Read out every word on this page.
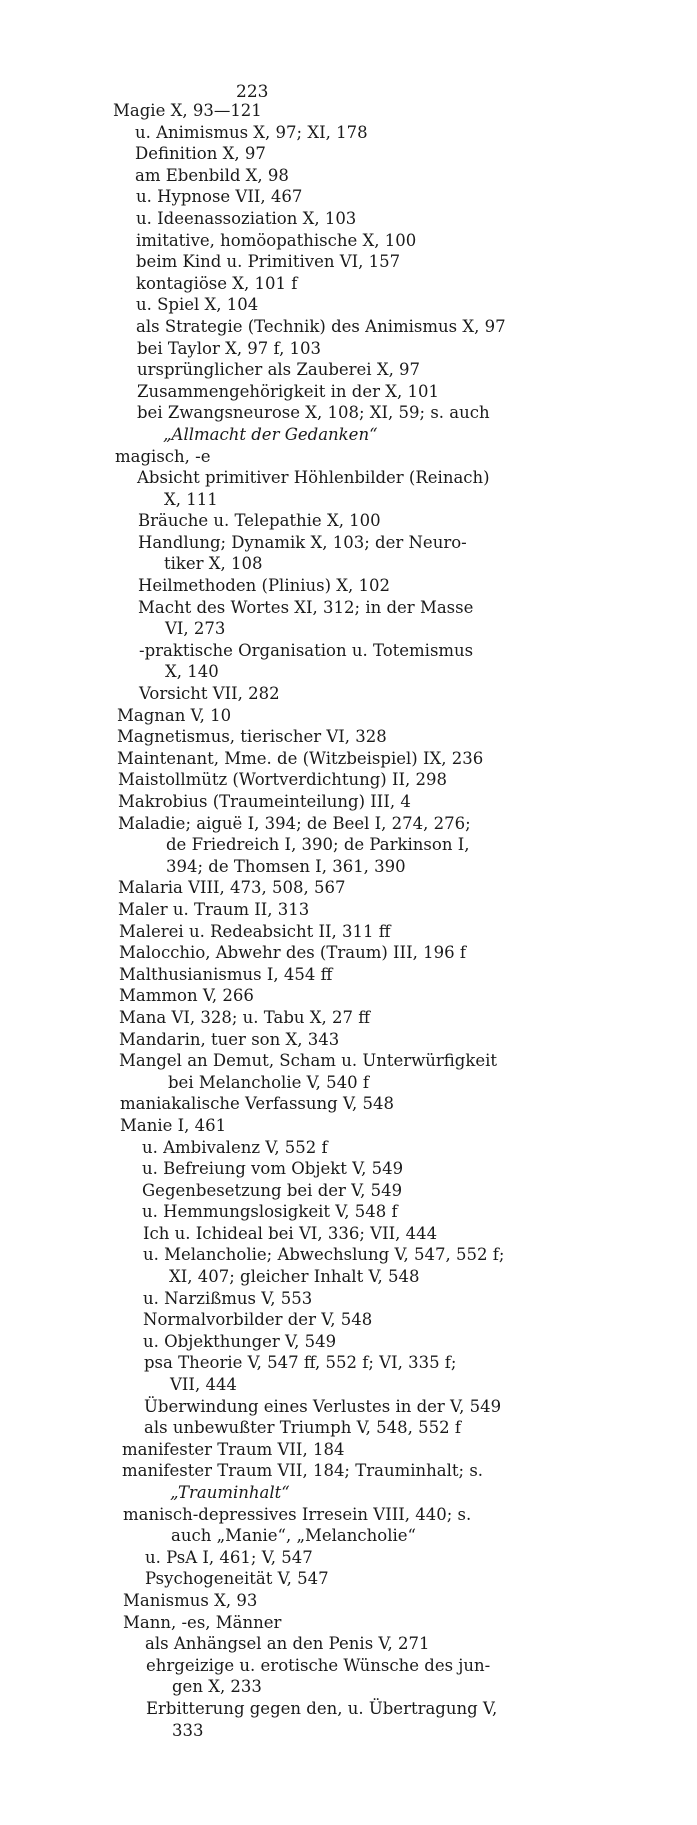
223
Magie X, 93—121
u. Animismus X, 97; XI, 178
Definition X, 97
am Ebenbild X, 98
u. Hypnose VII, 467
u. Ideenassoziation X, 103
imitative, homöopathische X, 100
beim Kind u. Primitiven VI, 157
kontagiöse X, 101 f
u. Spiel X, 104
als Strategie (Technik) des Animismus X, 97
bei Taylor X, 97 f, 103
ursprünglicher als Zauberei X, 97
Zusammengehörigkeit in der X, 101
bei Zwangsneurose X, 108; XI, 59; s. auch
„Allmacht der Gedanken“
magisch, -e
Absicht primitiver Höhlenbilder (Reinach)
X, 111
Bräuche u. Telepathie X, 100
Handlung; Dynamik X, 103; der Neuro-
tiker X, 108
Heilmethoden (Plinius) X, 102
Macht des Wortes XI, 312; in der Masse
VI, 273
-praktische Organisation u. Totemismus
X, 140
Vorsicht VII, 282
Magnan V, 10
Magnetismus, tierischer VI, 328
Maintenant, Mme. de (Witzbeispiel) IX, 236
Maistollmütz (Wortverdichtung) II, 298
Makrobius (Traumeinteilung) III, 4
Maladie; aiguë I, 394; de Beel I, 274, 276;
de Friedreich I, 390; de Parkinson I,
394; de Thomsen I, 361, 390
Malaria VIII, 473, 508, 567
Maler u. Traum II, 313
Malerei u. Redeabsicht II, 311 ff
Malocchio, Abwehr des (Traum) III, 196 f
Malthusianismus I, 454 ff
Mammon V, 266
Mana VI, 328; u. Tabu X, 27 ff
Mandarin, tuer son X, 343
Mangel an Demut, Scham u. Unterwürfigkeit
bei Melancholie V, 540 f
maniakalische Verfassung V, 548
Manie I, 461
u. Ambivalenz V, 552 f
u. Befreiung vom Objekt V, 549
Gegenbesetzung bei der V, 549
u. Hemmungslosigkeit V, 548 f
Ich u. Ichideal bei VI, 336; VII, 444
u. Melancholie; Abwechslung V, 547, 552 f;
XI, 407; gleicher Inhalt V, 548
u. Narzißmus V, 553
Normalvorbilder der V, 548
u. Objekthunger V, 549
psa Theorie V, 547 ff, 552 f; VI, 335 f;
VII, 444
Überwindung eines Verlustes in der V, 549
als unbewußter Triumph V, 548, 552 f
manifester Traum VII, 184
manifester Traum VII, 184; Trauminhalt; s.
„Trauminhalt“
manisch-depressives Irresein VIII, 440; s.
auch „Manie“, „Melancholie“
u. PsA I, 461; V, 547
Psychogeneität V, 547
Manismus X, 93
Mann, -es, Männer
als Anhängsel an den Penis V, 271
ehrgeizige u. erotische Wünsche des jun-
gen X, 233
Erbitterung gegen den, u. Übertragung V,
333
